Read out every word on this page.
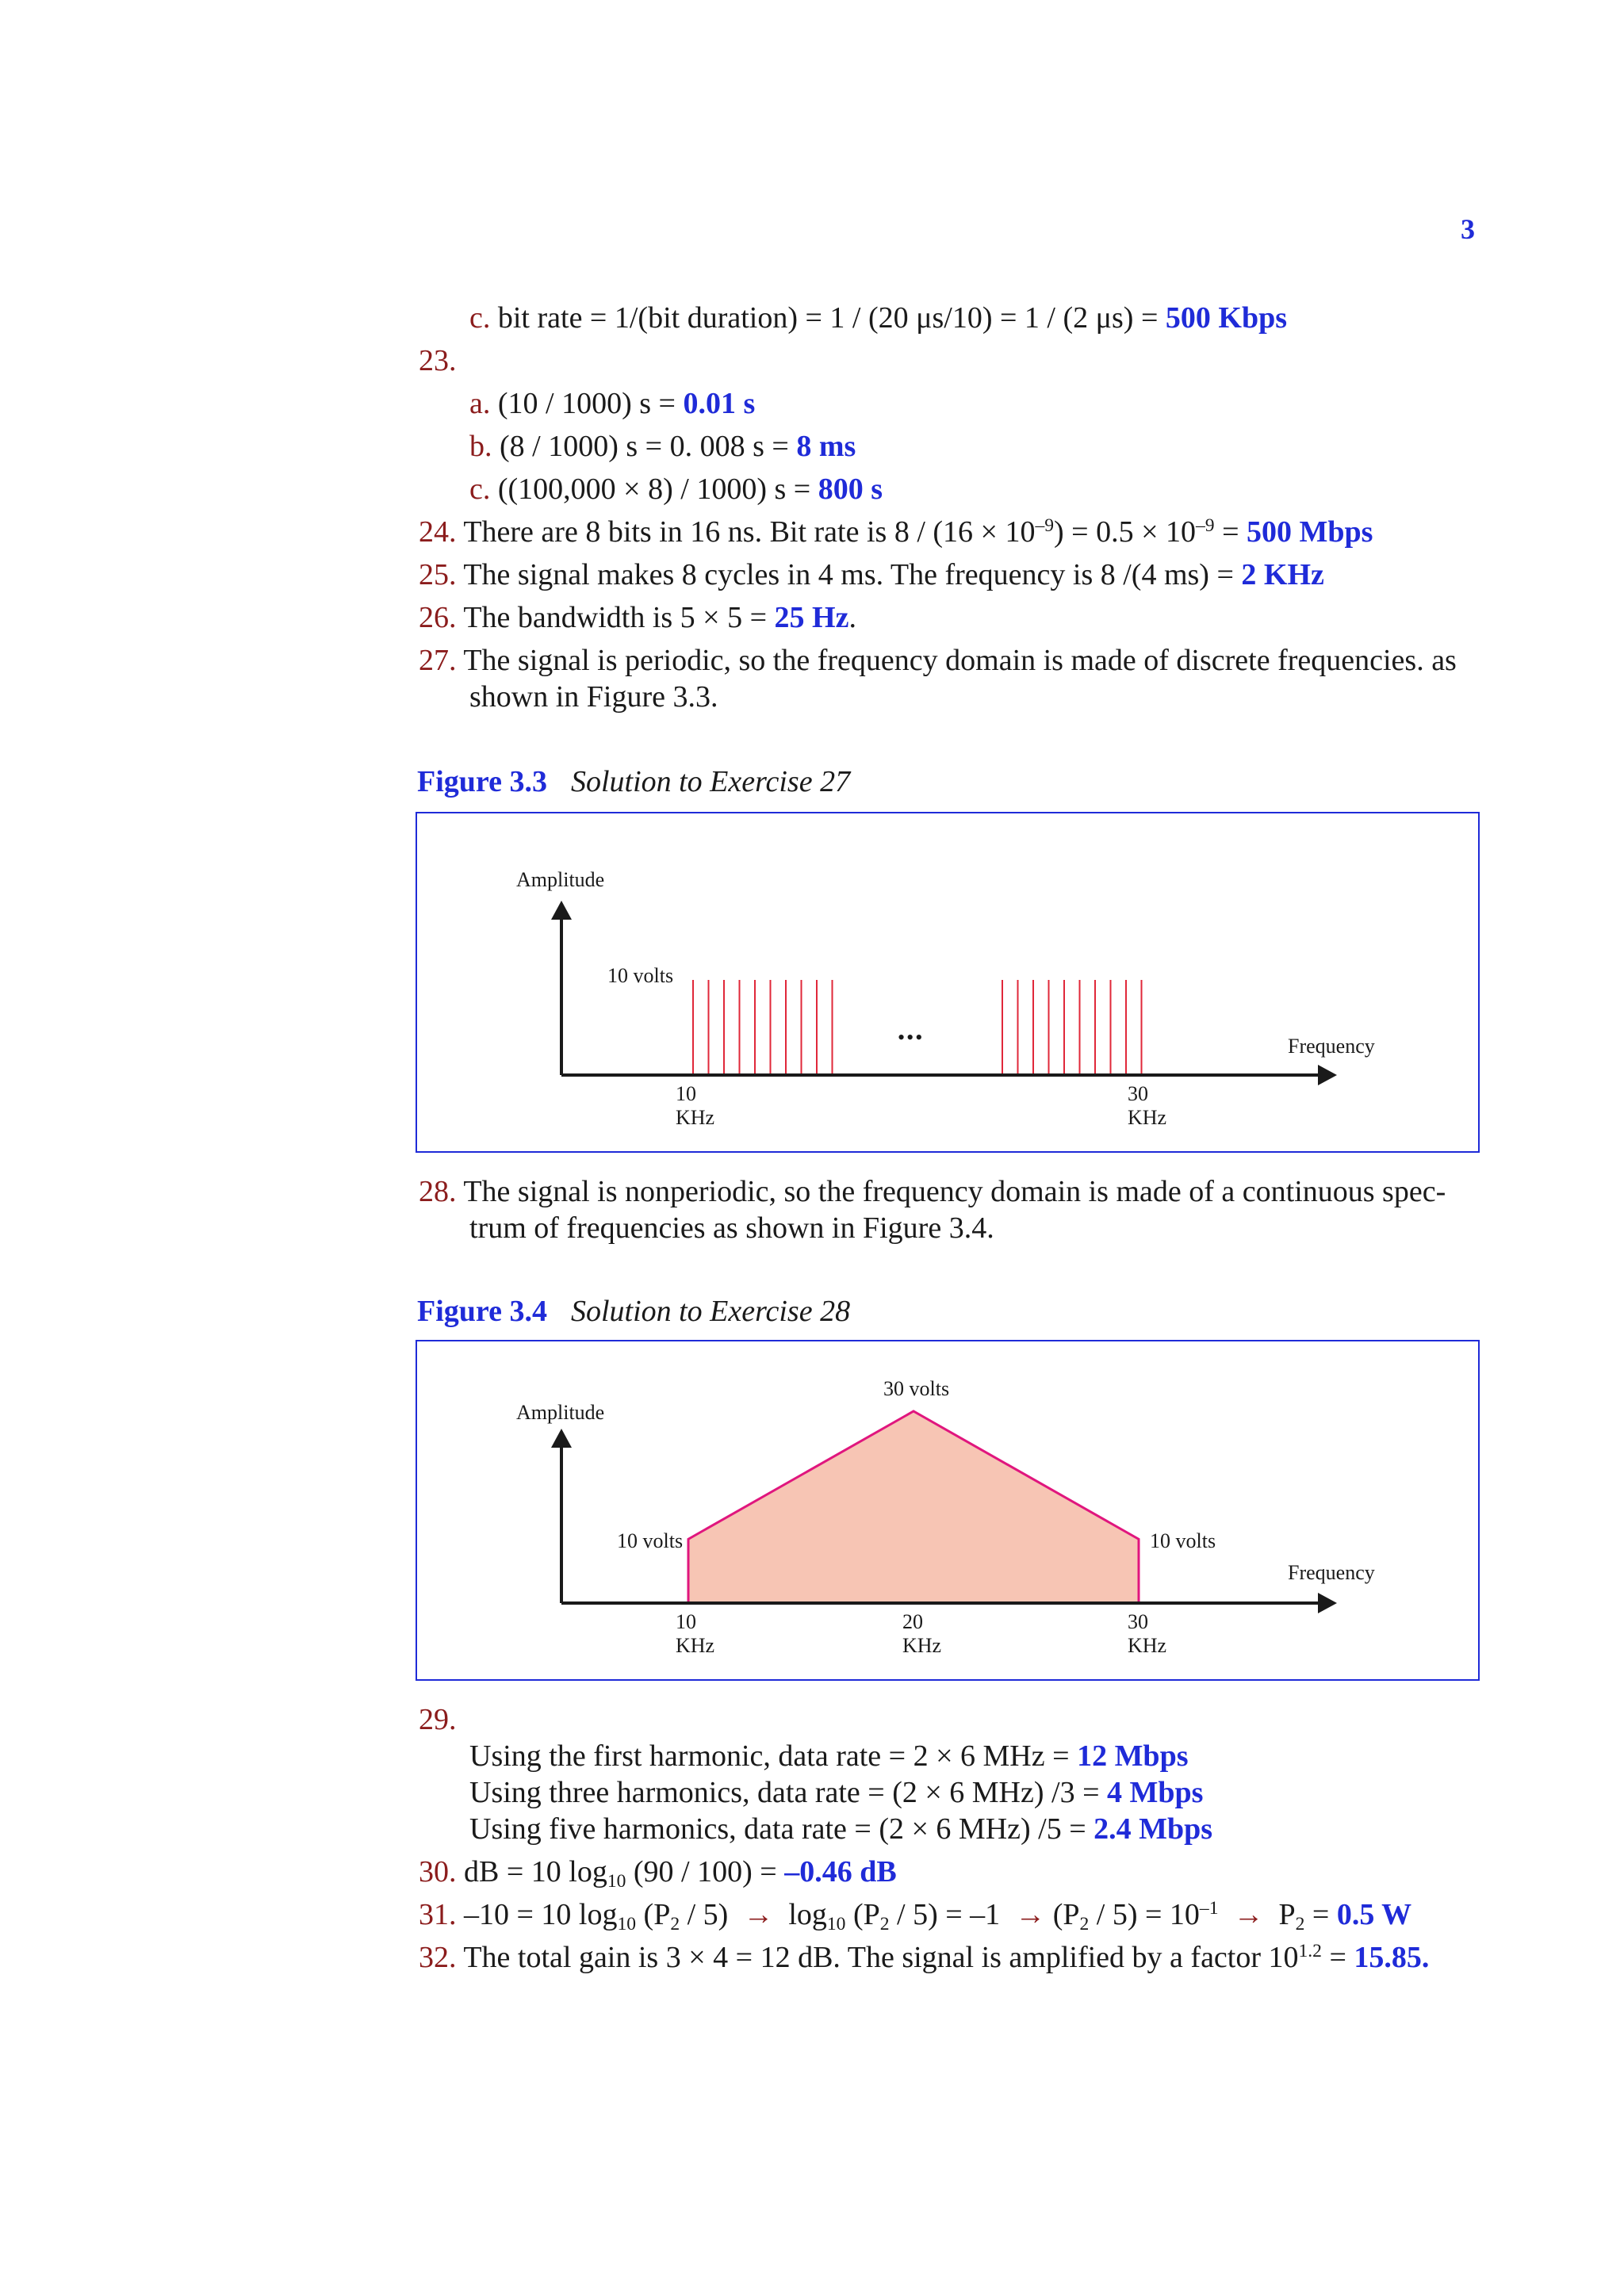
3
c. bit rate = 1/(bit duration) = 1 / (20 μs/10) = 1 / (2 μs) = 500 Kbps
23.
a. (10 / 1000) s = 0.01 s
b. (8 / 1000) s = 0. 008 s = 8 ms
c. ((100,000 × 8) / 1000) s = 800 s
24. There are 8 bits in 16 ns. Bit rate is $8 / (16 \times 10^{-9}) = 0.5 \times 10^{-9} = 500$ Mbps
25. The signal makes 8 cycles in 4 ms. The frequency is 8 /(4 ms) = 2 KHz
26. The bandwidth is 5 × 5 = 25 Hz.
27. The signal is periodic, so the frequency domain is made of discrete frequencies. as
shown in Figure 3.3.
Figure 3.3 Solution to Exercise 27
Amplitude
Frequency
10 volts
•••
10
KHz
30
KHz
28. The signal is nonperiodic, so the frequency domain is made of a continuous spec-
trum of frequencies as shown in Figure 3.4.
Figure 3.4 Solution to Exercise 28
Amplitude
Frequency
30 volts
10 volts	10 volts
10
KHz
20
KHz
30
KHz
29.
Using the first harmonic, data rate = 2 × 6 MHz = 12 Mbps
Using three harmonics, data rate = (2 × 6 MHz) /3 = 4 Mbps
Using five harmonics, data rate = (2 × 6 MHz) /5 = 2.4 Mbps
30. dB = 10 $\log_{10} (90 / 100) = -0.46$ dB
31. –10 = 10 $\log_{10} (P_2 / 5) \to \log_{10} (P_2 / 5) = -1 \to (P_2 / 5) = 10^{-1} \to P_2 = 0.5$ W
32. The total gain is 3 × 4 = 12 dB. The signal is amplified by a factor $10^{1.2} = 15.85$.
